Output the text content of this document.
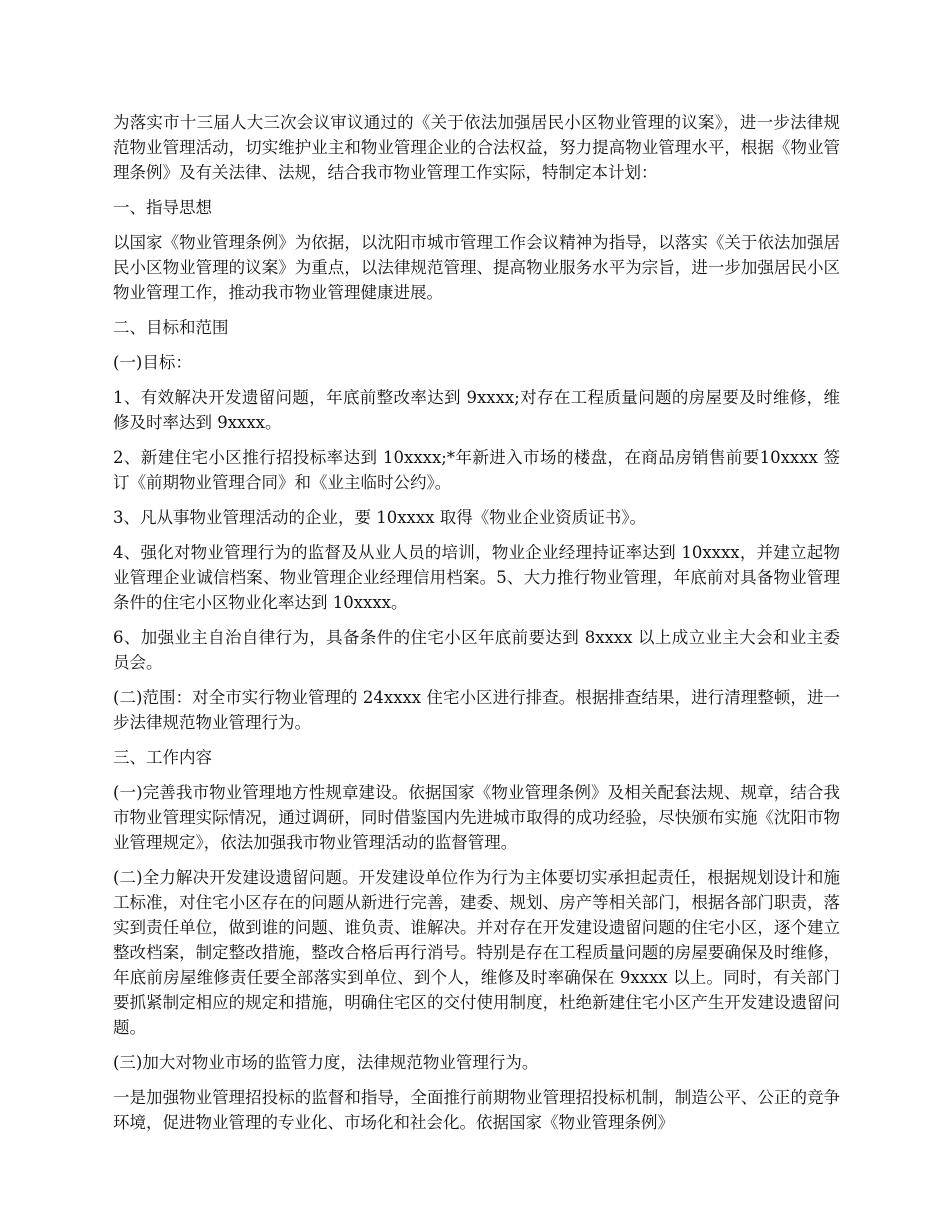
为落实市十三届人大三次会议审议通过的《关于依法加强居民小区物业管理的议案》，进一步法律规范物业管理活动，切实维护业主和物业管理企业的合法权益，努力提高物业管理水平，根据《物业管理条例》及有关法律、法规，结合我市物业管理工作实际，特制定本计划：

一、指导思想

以国家《物业管理条例》为依据，以沈阳市城市管理工作会议精神为指导，以落实《关于依法加强居民小区物业管理的议案》为重点，以法律规范管理、提高物业服务水平为宗旨，进一步加强居民小区物业管理工作，推动我市物业管理健康进展。

二、目标和范围

(一)目标：

1、有效解决开发遗留问题，年底前整改率达到 9xxxx;对存在工程质量问题的房屋要及时维修，维修及时率达到 9xxxx。

2、新建住宅小区推行招投标率达到 10xxxx;*年新进入市场的楼盘，在商品房销售前要10xxxx 签订《前期物业管理合同》和《业主临时公约》。

3、凡从事物业管理活动的企业，要 10xxxx 取得《物业企业资质证书》。

4、强化对物业管理行为的监督及从业人员的培训，物业企业经理持证率达到 10xxxx，并建立起物业管理企业诚信档案、物业管理企业经理信用档案。5、大力推行物业管理，年底前对具备物业管理条件的住宅小区物业化率达到 10xxxx。

6、加强业主自治自律行为，具备条件的住宅小区年底前要达到 8xxxx 以上成立业主大会和业主委员会。

(二)范围：对全市实行物业管理的 24xxxx 住宅小区进行排查。根据排查结果，进行清理整顿，进一步法律规范物业管理行为。

三、工作内容

(一)完善我市物业管理地方性规章建设。依据国家《物业管理条例》及相关配套法规、规章，结合我市物业管理实际情况，通过调研，同时借鉴国内先进城市取得的成功经验，尽快颁布实施《沈阳市物业管理规定》，依法加强我市物业管理活动的监督管理。

(二)全力解决开发建设遗留问题。开发建设单位作为行为主体要切实承担起责任，根据规划设计和施工标准，对住宅小区存在的问题从新进行完善，建委、规划、房产等相关部门，根据各部门职责，落实到责任单位，做到谁的问题、谁负责、谁解决。并对存在开发建设遗留问题的住宅小区，逐个建立整改档案，制定整改措施，整改合格后再行消号。特别是存在工程质量问题的房屋要确保及时维修，年底前房屋维修责任要全部落实到单位、到个人，维修及时率确保在 9xxxx 以上。同时，有关部门要抓紧制定相应的规定和措施，明确住宅区的交付使用制度，杜绝新建住宅小区产生开发建设遗留问题。

(三)加大对物业市场的监管力度，法律规范物业管理行为。

一是加强物业管理招投标的监督和指导，全面推行前期物业管理招投标机制，制造公平、公正的竞争环境，促进物业管理的专业化、市场化和社会化。依据国家《物业管理条例》
